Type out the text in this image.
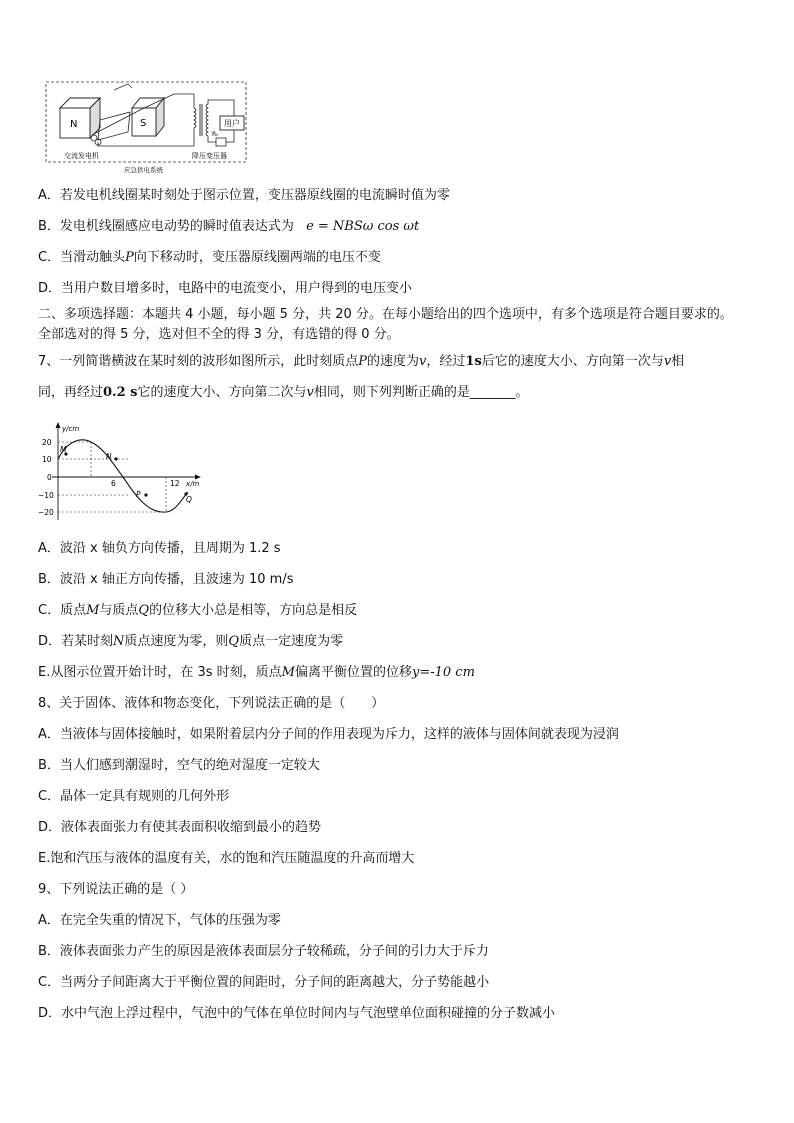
N	S
R₀
用户
交流发电机	降压变压器
应急供电系统
A．若发电机线圈某时刻处于图示位置，变压器原线圈的电流瞬时值为零
B．发电机线圈感应电动势的瞬时值表达式为 e = NBSω cos ωt
C．当滑动触头P向下移动时，变压器原线圈两端的电压不变
D．当用户数目增多时，电路中的电流变小，用户得到的电压变小
二、多项选择题：本题共 4 小题，每小题 5 分，共 20 分。在每小题给出的四个选项中，有多个选项是符合题目要求的。
全部选对的得 5 分，选对但不全的得 3 分，有选错的得 0 分。
7、一列简谐横波在某时刻的波形如图所示，此时刻质点P的速度为v，经过1s后它的速度大小、方向第一次与v相
同，再经过0.2 s它的速度大小、方向第二次与v相同，则下列判断正确的是_______。
y/cm
x/m
20
10
0
−10
−20
6	12
M
N
P
Q
A．波沿 x 轴负方向传播，且周期为 1.2 s
B．波沿 x 轴正方向传播，且波速为 10 m/s
C．质点M与质点Q的位移大小总是相等，方向总是相反
D．若某时刻N质点速度为零，则Q质点一定速度为零
E.从图示位置开始计时，在 3s 时刻，质点M偏离平衡位置的位移y=-10 cm
8、关于固体、液体和物态变化，下列说法正确的是（　　）
A．当液体与固体接触时，如果附着层内分子间的作用表现为斥力，这样的液体与固体间就表现为浸润
B．当人们感到潮湿时，空气的绝对湿度一定较大
C．晶体一定具有规则的几何外形
D．液体表面张力有使其表面积收缩到最小的趋势
E.饱和汽压与液体的温度有关，水的饱和汽压随温度的升高而增大
9、下列说法正确的是（ ）
A．在完全失重的情况下，气体的压强为零
B．液体表面张力产生的原因是液体表面层分子较稀疏，分子间的引力大于斥力
C．当两分子间距离大于平衡位置的间距时，分子间的距离越大，分子势能越小
D．水中气泡上浮过程中，气泡中的气体在单位时间内与气泡壁单位面积碰撞的分子数减小
